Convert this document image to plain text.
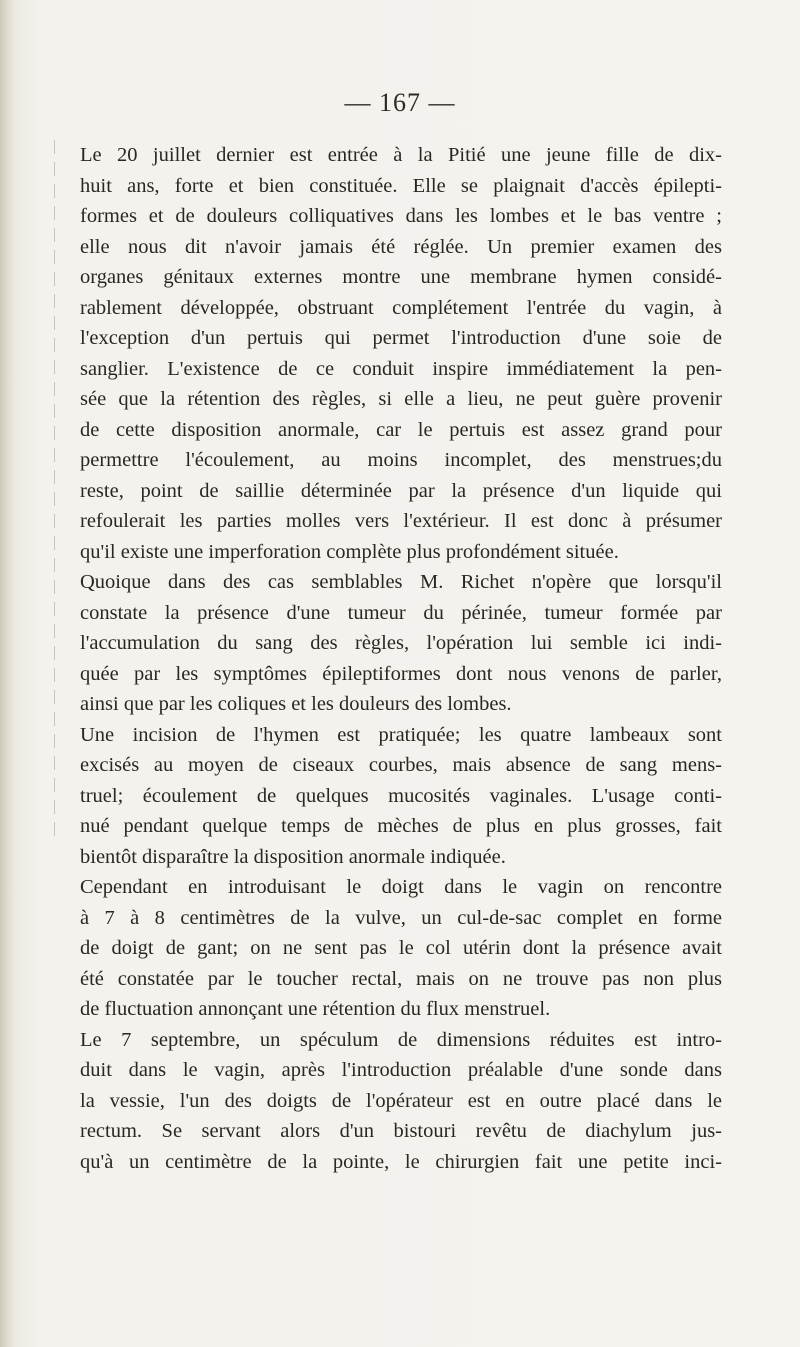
— 167 —
Le 20 juillet dernier est entrée à la Pitié une jeune fille de dix-
huit ans, forte et bien constituée. Elle se plaignait d'accès épilepti-
formes et de douleurs colliquatives dans les lombes et le bas ventre ;
elle nous dit n'avoir jamais été réglée. Un premier examen des
organes génitaux externes montre une membrane hymen considé-
rablement développée, obstruant complétement l'entrée du vagin, à
l'exception d'un pertuis qui permet l'introduction d'une soie de
sanglier. L'existence de ce conduit inspire immédiatement la pen-
sée que la rétention des règles, si elle a lieu, ne peut guère provenir
de cette disposition anormale, car le pertuis est assez grand pour
permettre l'écoulement, au moins incomplet, des menstrues;du
reste, point de saillie déterminée par la présence d'un liquide qui
refoulerait les parties molles vers l'extérieur. Il est donc à présumer
qu'il existe une imperforation complète plus profondément située.
Quoique dans des cas semblables M. Richet n'opère que lorsqu'il
constate la présence d'une tumeur du périnée, tumeur formée par
l'accumulation du sang des règles, l'opération lui semble ici indi-
quée par les symptômes épileptiformes dont nous venons de parler,
ainsi que par les coliques et les douleurs des lombes.
Une incision de l'hymen est pratiquée; les quatre lambeaux sont
excisés au moyen de ciseaux courbes, mais absence de sang mens-
truel; écoulement de quelques mucosités vaginales. L'usage conti-
nué pendant quelque temps de mèches de plus en plus grosses, fait
bientôt disparaître la disposition anormale indiquée.
Cependant en introduisant le doigt dans le vagin on rencontre
à 7 à 8 centimètres de la vulve, un cul-de-sac complet en forme
de doigt de gant; on ne sent pas le col utérin dont la présence avait
été constatée par le toucher rectal, mais on ne trouve pas non plus
de fluctuation annonçant une rétention du flux menstruel.
Le 7 septembre, un spéculum de dimensions réduites est intro-
duit dans le vagin, après l'introduction préalable d'une sonde dans
la vessie, l'un des doigts de l'opérateur est en outre placé dans le
rectum. Se servant alors d'un bistouri revêtu de diachylum jus-
qu'à un centimètre de la pointe, le chirurgien fait une petite inci-
